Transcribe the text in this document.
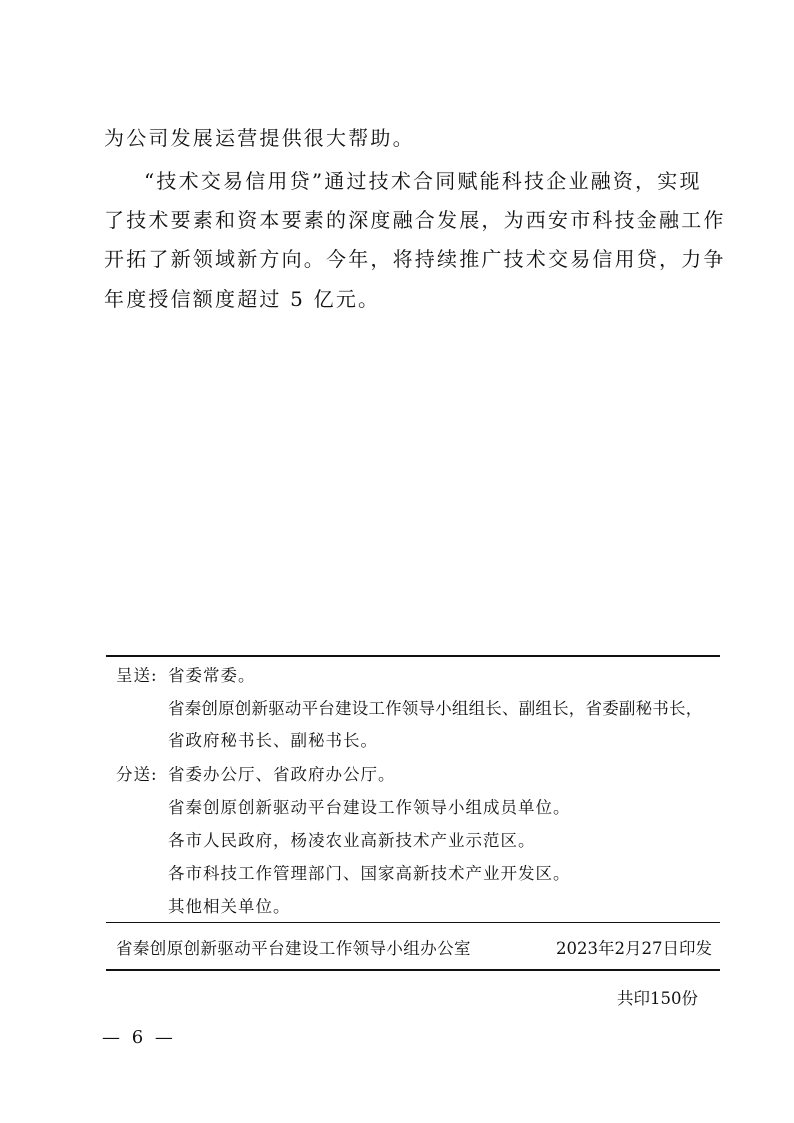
为公司发展运营提供很大帮助。

“技术交易信用贷”通过技术合同赋能科技企业融资，实现

了技术要素和资本要素的深度融合发展，为西安市科技金融工作

开拓了新领域新方向。今年，将持续推广技术交易信用贷，力争

年度授信额度超过 5 亿元。

呈送: 省委常委。
省秦创原创新驱动平台建设工作领导小组组长、副组长，省委副秘书长，
省政府秘书长、副秘书长。
分送: 省委办公厅、省政府办公厅。
省秦创原创新驱动平台建设工作领导小组成员单位。
各市人民政府，杨凌农业高新技术产业示范区。
各市科技工作管理部门、国家高新技术产业开发区。
其他相关单位。
省秦创原创新驱动平台建设工作领导小组办公室	2023年2月27日印发
共印150份
— 6 —
